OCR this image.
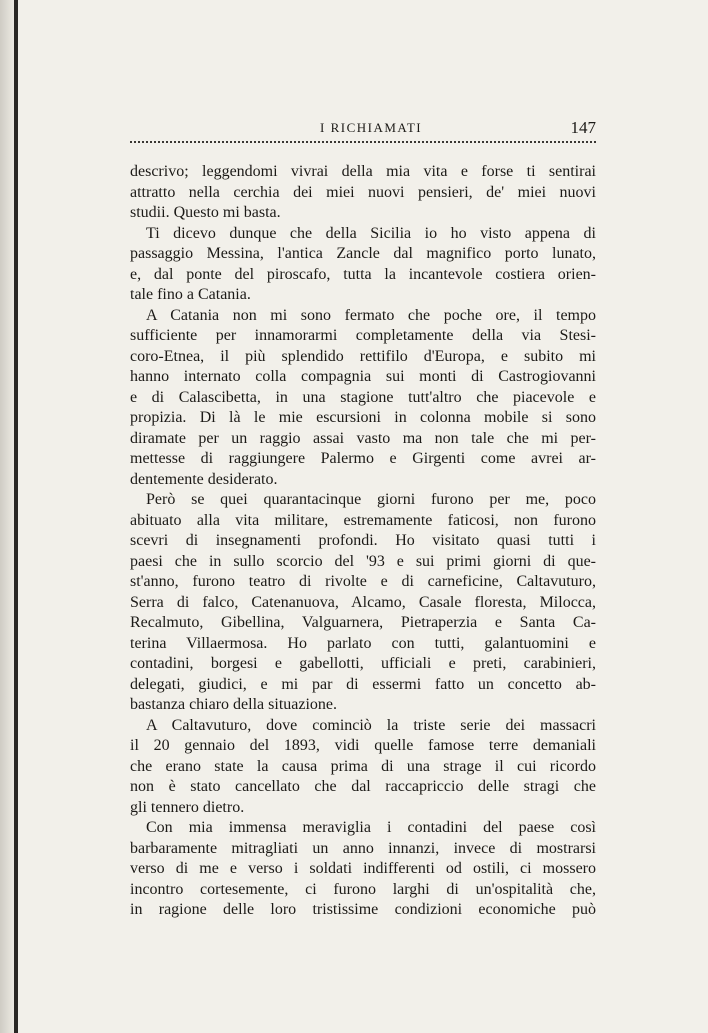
I RICHIAMATI	147
descrivo; leggendomi vivrai della mia vita e forse ti sentirai
attratto nella cerchia dei miei nuovi pensieri, de' miei nuovi
studii. Questo mi basta.
Ti dicevo dunque che della Sicilia io ho visto appena di
passaggio Messina, l'antica Zancle dal magnifico porto lunato,
e, dal ponte del piroscafo, tutta la incantevole costiera orien-
tale fino a Catania.
A Catania non mi sono fermato che poche ore, il tempo
sufficiente per innamorarmi completamente della via Stesi-
coro-Etnea, il più splendido rettifilo d'Europa, e subito mi
hanno internato colla compagnia sui monti di Castrogiovanni
e di Calascibetta, in una stagione tutt'altro che piacevole e
propizia. Di là le mie escursioni in colonna mobile si sono
diramate per un raggio assai vasto ma non tale che mi per-
mettesse di raggiungere Palermo e Girgenti come avrei ar-
dentemente desiderato.
Però se quei quarantacinque giorni furono per me, poco
abituato alla vita militare, estremamente faticosi, non furono
scevri di insegnamenti profondi. Ho visitato quasi tutti i
paesi che in sullo scorcio del '93 e sui primi giorni di que-
st'anno, furono teatro di rivolte e di carneficine, Caltavuturo,
Serra di falco, Catenanuova, Alcamo, Casale floresta, Milocca,
Recalmuto, Gibellina, Valguarnera, Pietraperzia e Santa Ca-
terina Villaermosa. Ho parlato con tutti, galantuomini e
contadini, borgesi e gabellotti, ufficiali e preti, carabinieri,
delegati, giudici, e mi par di essermi fatto un concetto ab-
bastanza chiaro della situazione.
A Caltavuturo, dove cominciò la triste serie dei massacri
il 20 gennaio del 1893, vidi quelle famose terre demaniali
che erano state la causa prima di una strage il cui ricordo
non è stato cancellato che dal raccapriccio delle stragi che
gli tennero dietro.
Con mia immensa meraviglia i contadini del paese così
barbaramente mitragliati un anno innanzi, invece di mostrarsi
verso di me e verso i soldati indifferenti od ostili, ci mossero
incontro cortesemente, ci furono larghi di un'ospitalità che,
in ragione delle loro tristissime condizioni economiche può
